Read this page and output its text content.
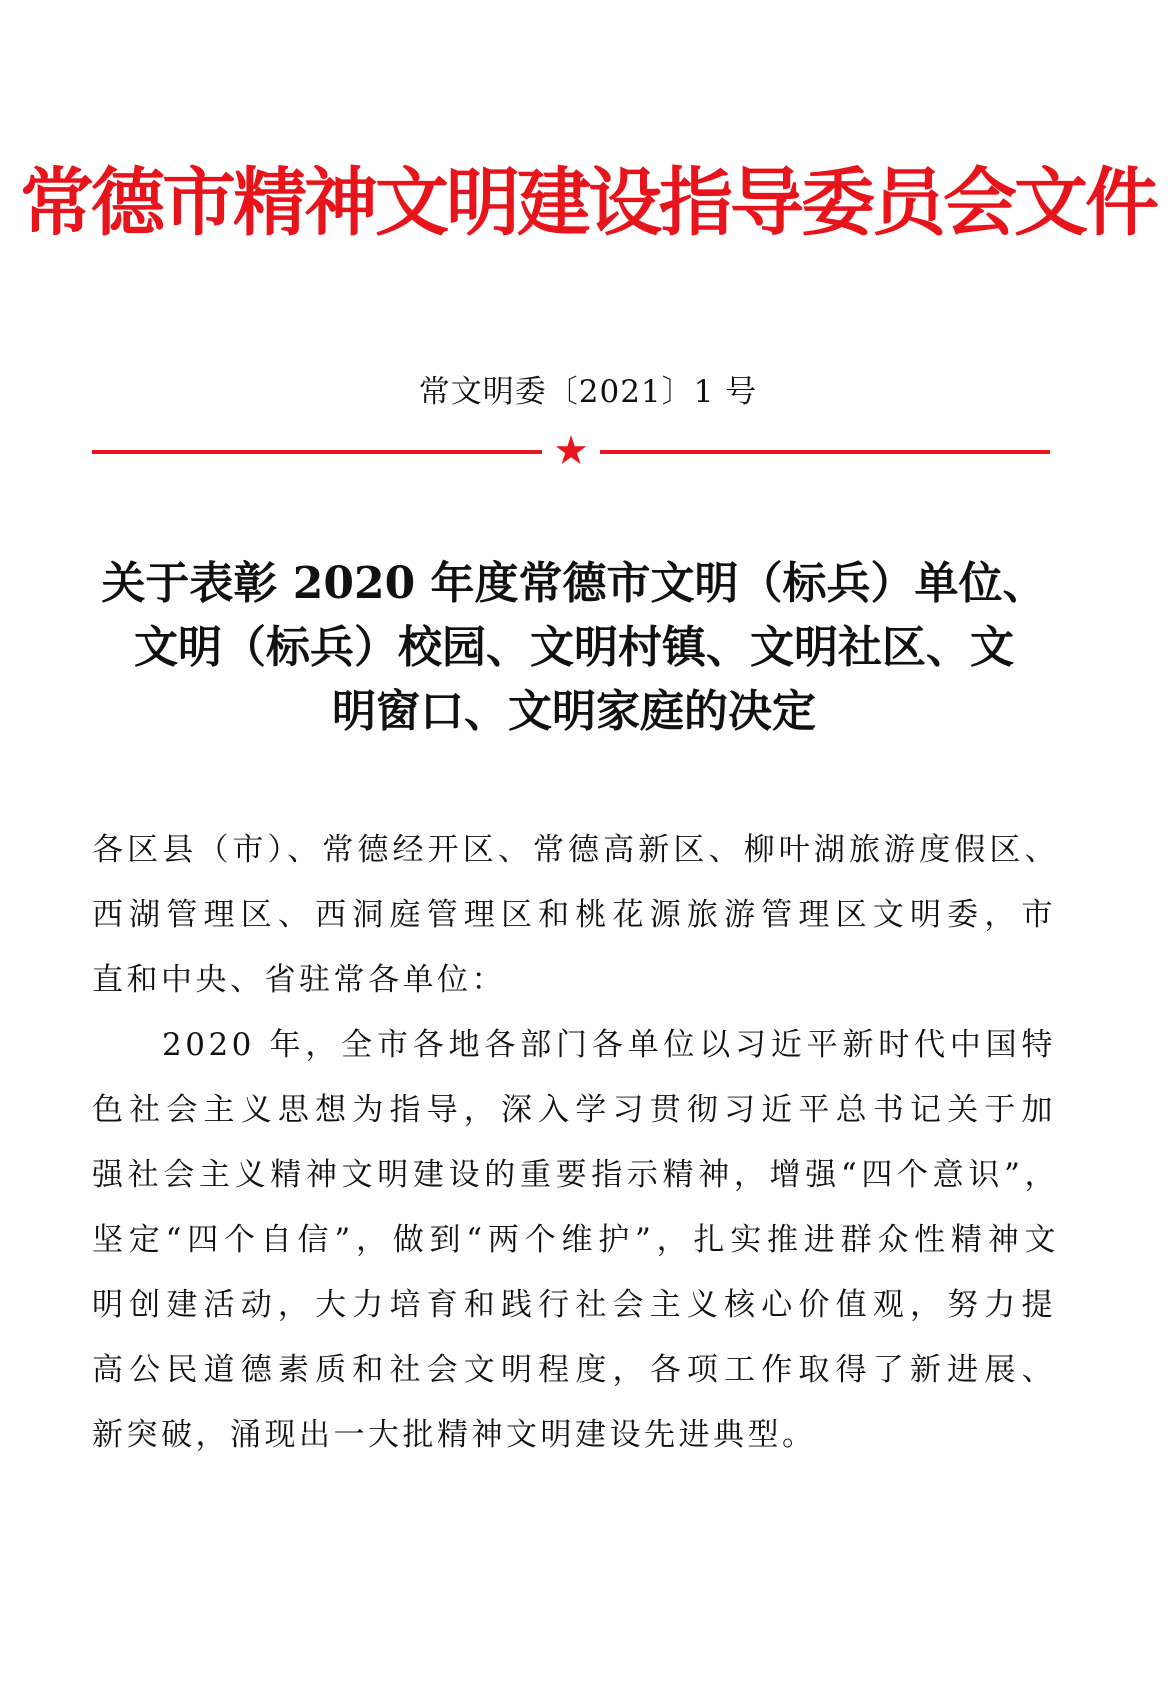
常德市精神文明建设指导委员会文件
常文明委〔2021〕1 号
★
关于表彰 2020 年度常德市文明（标兵）单位、
文明（标兵）校园、文明村镇、文明社区、文
明窗口、文明家庭的决定
各区县（市）、常德经开区、常德高新区、柳叶湖旅游度假区、
西湖管理区、西洞庭管理区和桃花源旅游管理区文明委，市
直和中央、省驻常各单位：
2020 年，全市各地各部门各单位以习近平新时代中国特
色社会主义思想为指导，深入学习贯彻习近平总书记关于加
强社会主义精神文明建设的重要指示精神，增强“四个意识”，
坚定“四个自信”，做到“两个维护”，扎实推进群众性精神文
明创建活动，大力培育和践行社会主义核心价值观，努力提
高公民道德素质和社会文明程度，各项工作取得了新进展、
新突破，涌现出一大批精神文明建设先进典型。
